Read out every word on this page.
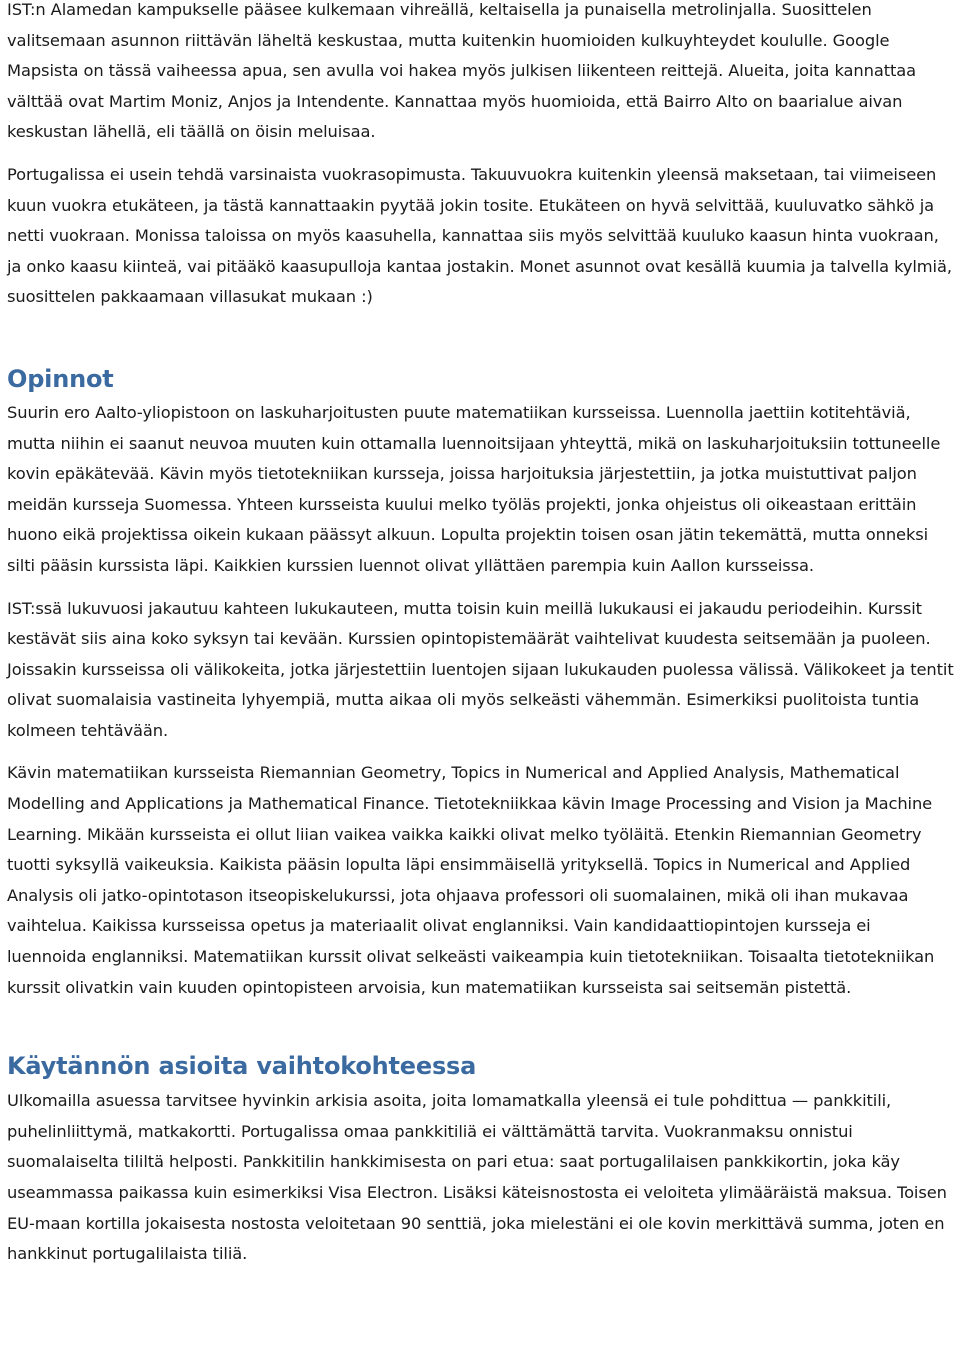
IST:n Alamedan kampukselle pääsee kulkemaan vihreällä, keltaisella ja punaisella metrolinjalla. Suosittelen valitsemaan asunnon riittävän läheltä keskustaa, mutta kuitenkin huomioiden kulkuyhteydet koululle. Google Mapsista on tässä vaiheessa apua, sen avulla voi hakea myös julkisen liikenteen reittejä. Alueita, joita kannattaa välttää ovat Martim Moniz, Anjos ja Intendente. Kannattaa myös huomioida, että Bairro Alto on baarialue aivan keskustan lähellä, eli täällä on öisin meluisaa.

Portugalissa ei usein tehdä varsinaista vuokrasopimusta. Takuuvuokra kuitenkin yleensä maksetaan, tai viimeiseen kuun vuokra etukäteen, ja tästä kannattaakin pyytää jokin tosite. Etukäteen on hyvä selvittää, kuuluvatko sähkö ja netti vuokraan. Monissa taloissa on myös kaasuhella, kannattaa siis myös selvittää kuuluko kaasun hinta vuokraan, ja onko kaasu kiinteä, vai pitääkö kaasupulloja kantaa jostakin. Monet asunnot ovat kesällä kuumia ja talvella kylmiä, suosittelen pakkaamaan villasukat mukaan :)

Opinnot

Suurin ero Aalto-yliopistoon on laskuharjoitusten puute matematiikan kursseissa. Luennolla jaettiin kotitehtäviä, mutta niihin ei saanut neuvoa muuten kuin ottamalla luennoitsijaan yhteyttä, mikä on laskuharjoituksiin tottuneelle kovin epäkätevää. Kävin myös tietotekniikan kursseja, joissa harjoituksia järjestettiin, ja jotka muistuttivat paljon meidän kursseja Suomessa. Yhteen kursseista kuului melko työläs projekti, jonka ohjeistus oli oikeastaan erittäin huono eikä projektissa oikein kukaan päässyt alkuun. Lopulta projektin toisen osan jätin tekemättä, mutta onneksi silti pääsin kurssista läpi. Kaikkien kurssien luennot olivat yllättäen parempia kuin Aallon kursseissa.

IST:ssä lukuvuosi jakautuu kahteen lukukauteen, mutta toisin kuin meillä lukukausi ei jakaudu periodeihin. Kurssit kestävät siis aina koko syksyn tai kevään. Kurssien opintopistemäärät vaihtelivat kuudesta seitsemään ja puoleen. Joissakin kursseissa oli välikokeita, jotka järjestettiin luentojen sijaan lukukauden puolessa välissä. Välikokeet ja tentit olivat suomalaisia vastineita lyhyempiä, mutta aikaa oli myös selkeästi vähemmän. Esimerkiksi puolitoista tuntia kolmeen tehtävään.

Kävin matematiikan kursseista Riemannian Geometry, Topics in Numerical and Applied Analysis, Mathematical Modelling and Applications ja Mathematical Finance. Tietotekniikkaa kävin Image Processing and Vision ja Machine Learning. Mikään kursseista ei ollut liian vaikea vaikka kaikki olivat melko työläitä. Etenkin Riemannian Geometry tuotti syksyllä vaikeuksia. Kaikista pääsin lopulta läpi ensimmäisellä yrityksellä. Topics in Numerical and Applied Analysis oli jatko-opintotason itseopiskelukurssi, jota ohjaava professori oli suomalainen, mikä oli ihan mukavaa vaihtelua. Kaikissa kursseissa opetus ja materiaalit olivat englanniksi. Vain kandidaattiopintojen kursseja ei luennoida englanniksi. Matematiikan kurssit olivat selkeästi vaikeampia kuin tietotekniikan. Toisaalta tietotekniikan kurssit olivatkin vain kuuden opintopisteen arvoisia, kun matematiikan kursseista sai seitsemän pistettä.

Käytännön asioita vaihtokohteessa

Ulkomailla asuessa tarvitsee hyvinkin arkisia asoita, joita lomamatkalla yleensä ei tule pohdittua — pankkitili, puhelinliittymä, matkakortti. Portugalissa omaa pankkitiliä ei välttämättä tarvita. Vuokranmaksu onnistui suomalaiselta tililtä helposti. Pankkitilin hankkimisesta on pari etua: saat portugalilaisen pankkikortin, joka käy useammassa paikassa kuin esimerkiksi Visa Electron. Lisäksi käteisnostosta ei veloiteta ylimääräistä maksua. Toisen EU-maan kortilla jokaisesta nostosta veloitetaan 90 senttiä, joka mielestäni ei ole kovin merkittävä summa, joten en hankkinut portugalilaista tiliä.
